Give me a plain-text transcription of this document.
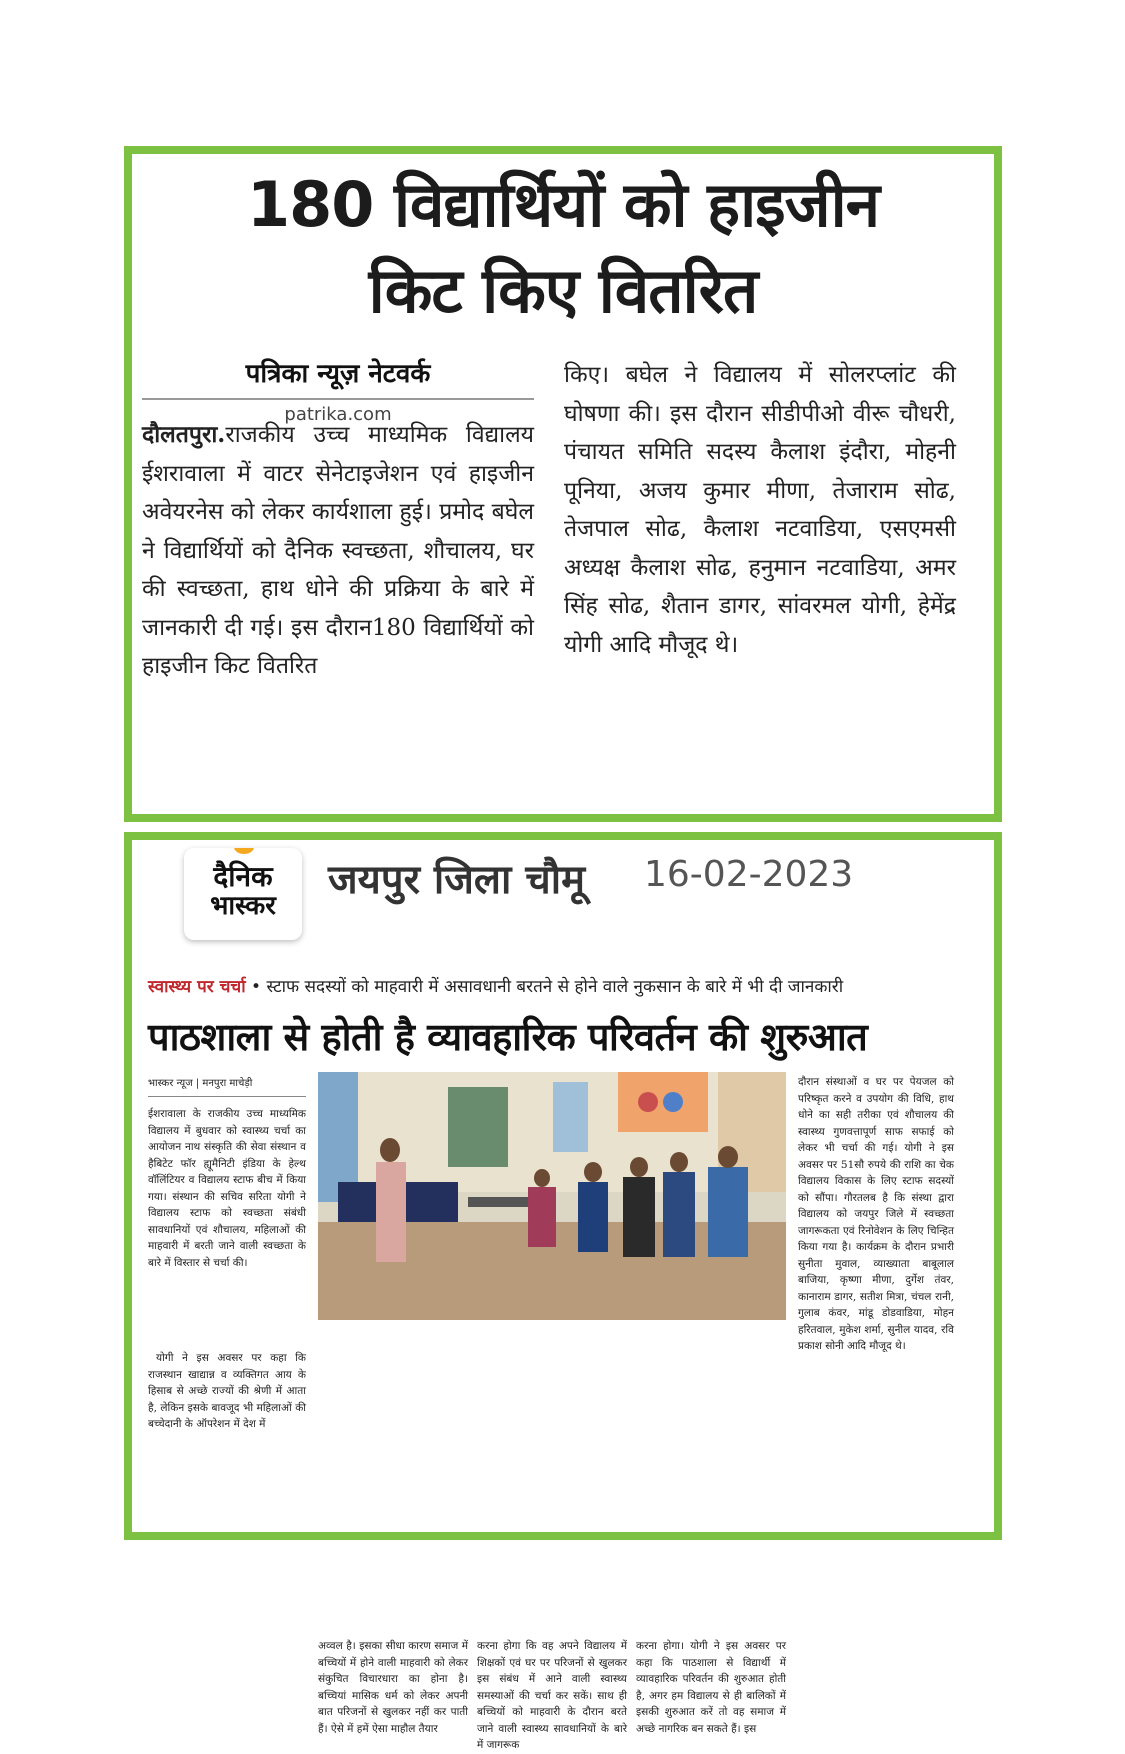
180 विद्यार्थियों को हाइजीन
किट किए वितरित
पत्रिका न्यूज़ नेटवर्क
patrika.com
दौलतपुरा.राजकीय उच्च माध्यमिक विद्यालय ईशरावाला में वाटर सेनेटाइजेशन एवं हाइजीन अवेयरनेस को लेकर कार्यशाला हुई। प्रमोद बघेल ने विद्यार्थियों को दैनिक स्वच्छता, शौचालय, घर की स्वच्छता, हाथ धोने की प्रक्रिया के बारे में जानकारी दी गई। इस दौरान180 विद्यार्थियों को हाइजीन किट वितरित
किए। बघेल ने विद्यालय में सोलरप्लांट की घोषणा की। इस दौरान सीडीपीओ वीरू चौधरी, पंचायत समिति सदस्य कैलाश इंदौरा, मोहनी पूनिया, अजय कुमार मीणा, तेजाराम सोढ, तेजपाल सोढ, कैलाश नटवाडिया, एसएमसी अध्यक्ष कैलाश सोढ, हनुमान नटवाडिया, अमर सिंह सोढ, शैतान डागर, सांवरमल योगी, हेमेंद्र योगी आदि मौजूद थे।
दैनिक
भास्कर
जयपुर जिला चौमू 16-02-2023
स्वास्थ्य पर चर्चा • स्टाफ सदस्यों को माहवारी में असावधानी बरतने से होने वाले नुकसान के बारे में भी दी जानकारी
पाठशाला से होती है व्यावहारिक परिवर्तन की शुरुआत
भास्कर न्यूज | मनपुरा माचेड़ी
ईशरावाला के राजकीय उच्च माध्यमिक विद्यालय में बुधवार को स्वास्थ्य चर्चा का आयोजन नाथ संस्कृति की सेवा संस्थान व हैबिटेट फॉर ह्यूमैनिटी इंडिया के हेल्थ वॉलिंटियर व विद्यालय स्टाफ बीच में किया गया। संस्थान की सचिव सरिता योगी ने विद्यालय स्टाफ को स्वच्छता संबंधी सावधानियों एवं शौचालय, महिलाओं की माहवारी में बरती जाने वाली स्वच्छता के बारे में विस्तार से चर्चा की।
योगी ने इस अवसर पर कहा कि राजस्थान खाद्यान्न व व्यक्तिगत आय के हिसाब से अच्छे राज्यों की श्रेणी में आता है, लेकिन इसके बावजूद भी महिलाओं की बच्चेदानी के ऑपरेशन में देश में
दौरान संस्थाओं व घर पर पेयजल को परिष्कृत करने व उपयोग की विधि, हाथ धोने का सही तरीका एवं शौचालय की स्वास्थ्य गुणवत्तापूर्ण साफ सफाई को लेकर भी चर्चा की गई। योगी ने इस अवसर पर 51सौ रुपये की राशि का चेक विद्यालय विकास के लिए स्टाफ सदस्यों को सौंपा। गौरतलब है कि संस्था द्वारा विद्यालय को जयपुर जिले में स्वच्छता जागरूकता एवं रिनोवेशन के लिए चिन्हित किया गया है। कार्यक्रम के दौरान प्रभारी सुनीता मुवाल, व्याख्याता बाबूलाल बाजिया, कृष्णा मीणा, दुर्गेश तंवर, कानाराम डागर, सतीश मित्रा, चंचल रानी, गुलाब कंवर, मांडू डोडवाडिया, मोहन हरितवाल, मुकेश शर्मा, सुनील यादव, रवि प्रकाश सोनी आदि मौजूद थे।
अव्वल है। इसका सीधा कारण समाज में बच्चियों में होने वाली माहवारी को लेकर संकुचित विचारधारा का होना है। बच्चियां मासिक धर्म को लेकर अपनी बात परिजनों से खुलकर नहीं कर पाती हैं। ऐसे में हमें ऐसा माहौल तैयार
करना होगा कि वह अपने विद्यालय में शिक्षकों एवं घर पर परिजनों से खुलकर इस संबंध में आने वाली स्वास्थ्य समस्याओं की चर्चा कर सकें। साथ ही बच्चियों को माहवारी के दौरान बरते जाने वाली स्वास्थ्य सावधानियों के बारे में जागरूक
करना होगा। योगी ने इस अवसर पर कहा कि पाठशाला से विद्यार्थी में व्यावहारिक परिवर्तन की शुरुआत होती है, अगर हम विद्यालय से ही बालिकों में इसकी शुरुआत करें तो वह समाज में अच्छे नागरिक बन सकते हैं। इस
